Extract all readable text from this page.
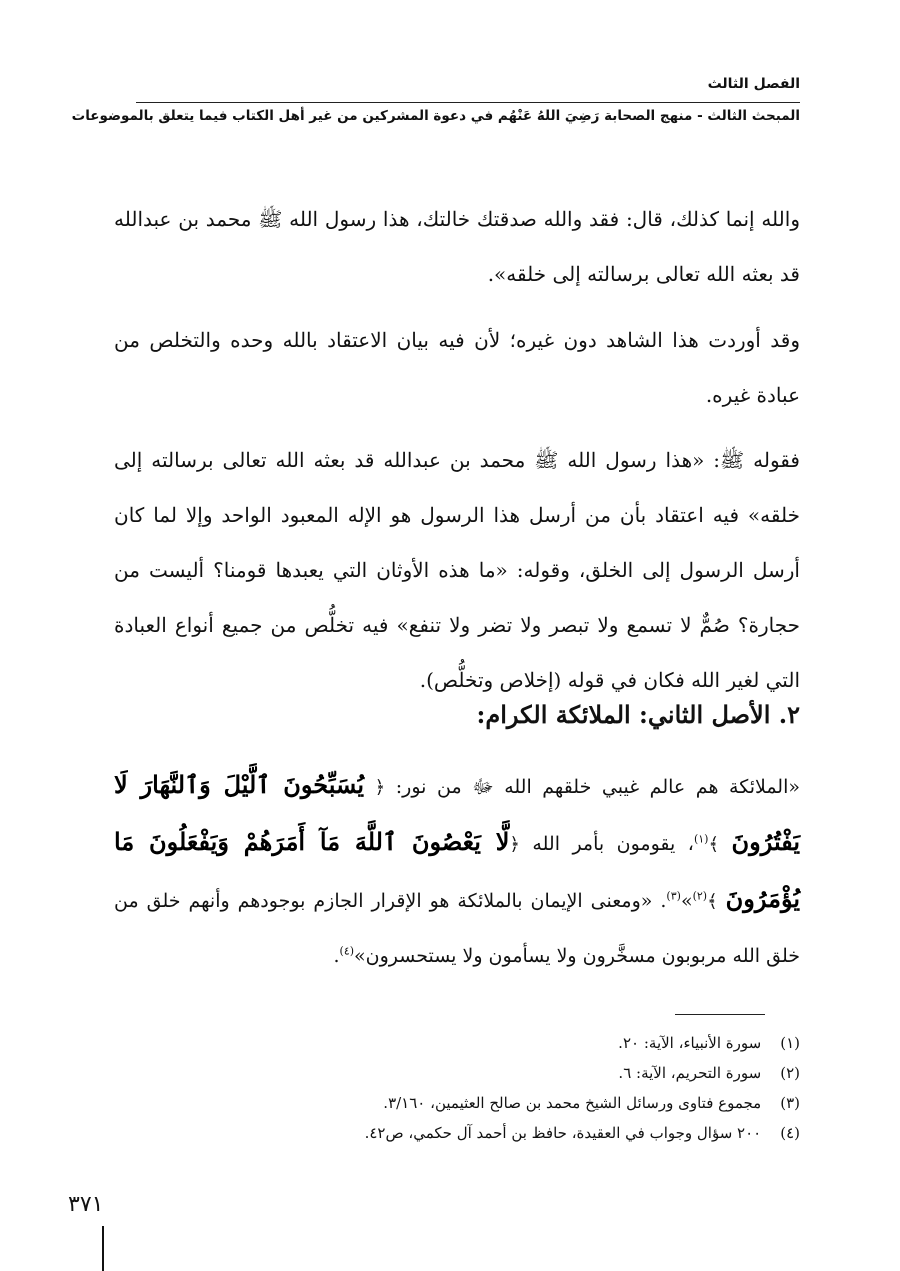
الفصل الثالث
المبحث الثالث - منهج الصحابة رَضِيَ اللهُ عَنْهُم في دعوة المشركين من غير أهل الكتاب فيما يتعلق بالموضوعات

والله إنما كذلك، قال: فقد والله صدقتك خالتك، هذا رسول الله ﷺ محمد بن عبدالله قد بعثه الله تعالى برسالته إلى خلقه».

وقد أوردت هذا الشاهد دون غيره؛ لأن فيه بيان الاعتقاد بالله وحده والتخلص من عبادة غيره.

فقوله ﷺ: «هذا رسول الله ﷺ محمد بن عبدالله قد بعثه الله تعالى برسالته إلى خلقه» فيه اعتقاد بأن من أرسل هذا الرسول هو الإله المعبود الواحد وإلا لما كان أرسل الرسول إلى الخلق، وقوله: «ما هذه الأوثان التي يعبدها قومنا؟ أليست من حجارة؟ صُمٌّ لا تسمع ولا تبصر ولا تضر ولا تنفع» فيه تخلُّص من جميع أنواع العبادة التي لغير الله فكان في قوله (إخلاص وتخلُّص).

٢. الأصل الثاني: الملائكة الكرام:

«الملائكة هم عالم غيبي خلقهم الله ﷻ من نور: ﴿ يُسَبِّحُونَ ٱلَّيْلَ وَٱلنَّهَارَ لَا يَفْتُرُونَ ﴾$^{(١)}$، يقومون بأمر الله ﴿لَّا يَعْصُونَ ٱللَّهَ مَآ أَمَرَهُمْ وَيَفْعَلُونَ مَا يُؤْمَرُونَ ﴾$^{(٢)}$»$^{(٣)}$. «ومعنى الإيمان بالملائكة هو الإقرار الجازم بوجودهم وأنهم خلق من خلق الله مربوبون مسخَّرون ولا يسأمون ولا يستحسرون»$^{(٤)}$.

(١) سورة الأنبياء، الآية: ٢٠.
(٢) سورة التحريم، الآية: ٦.
(٣) مجموع فتاوى ورسائل الشيخ محمد بن صالح العثيمين، ٣/١٦٠.
(٤) ٢٠٠ سؤال وجواب في العقيدة، حافظ بن أحمد آل حكمي، ص٤٢.
٣٧١
